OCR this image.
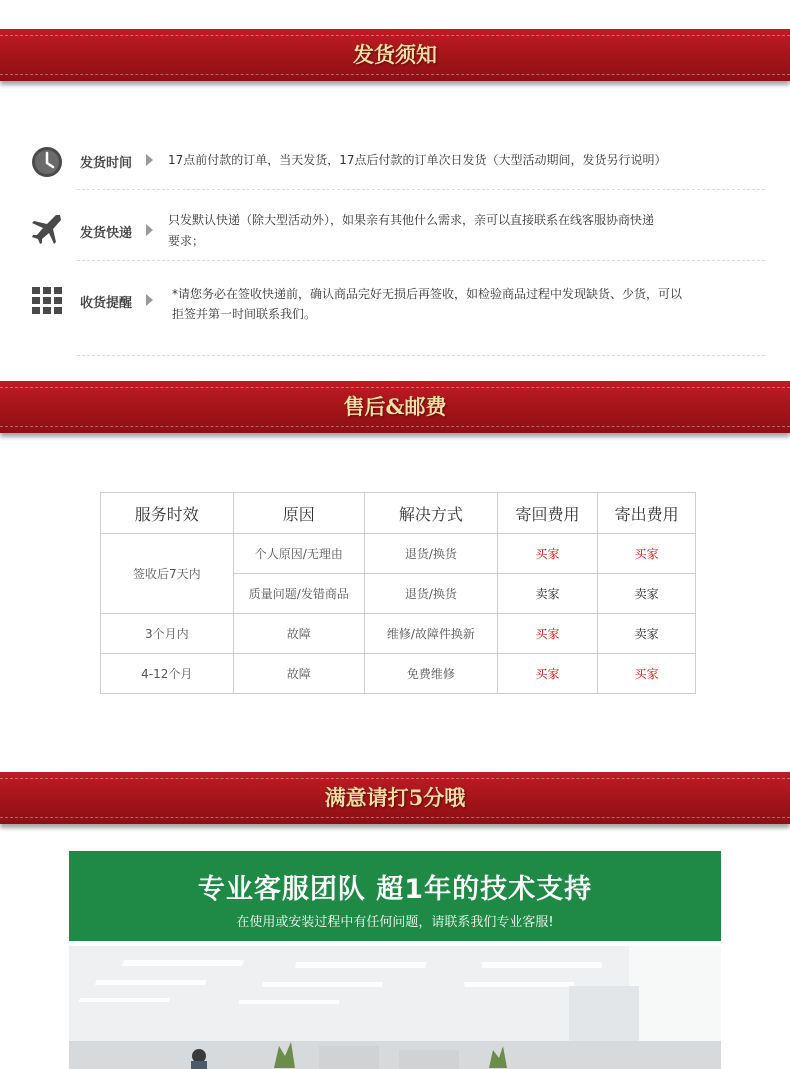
发货须知
发货时间	17点前付款的订单，当天发货，17点后付款的订单次日发货（大型活动期间，发货另行说明）
发货快递
只发默认快递（除大型活动外），如果亲有其他什么需求，亲可以直接联系在线客服协商快递
要求；
收货提醒
*请您务必在签收快递前，确认商品完好无损后再签收，如检验商品过程中发现缺货、少货，可以
拒签并第一时间联系我们。
售后&邮费
服务时效	原因	解决方式	寄回费用	寄出费用
签收后7天内	个人原因/无理由	退货/换货	买家	买家
	质量问题/发错商品	退货/换货	卖家	卖家
3个月内	故障	维修/故障件换新	买家	卖家
4-12个月	故障	免费维修	买家	买家
满意请打5分哦
专业客服团队 超1年的技术支持
在使用或安装过程中有任何问题，请联系我们专业客服!
